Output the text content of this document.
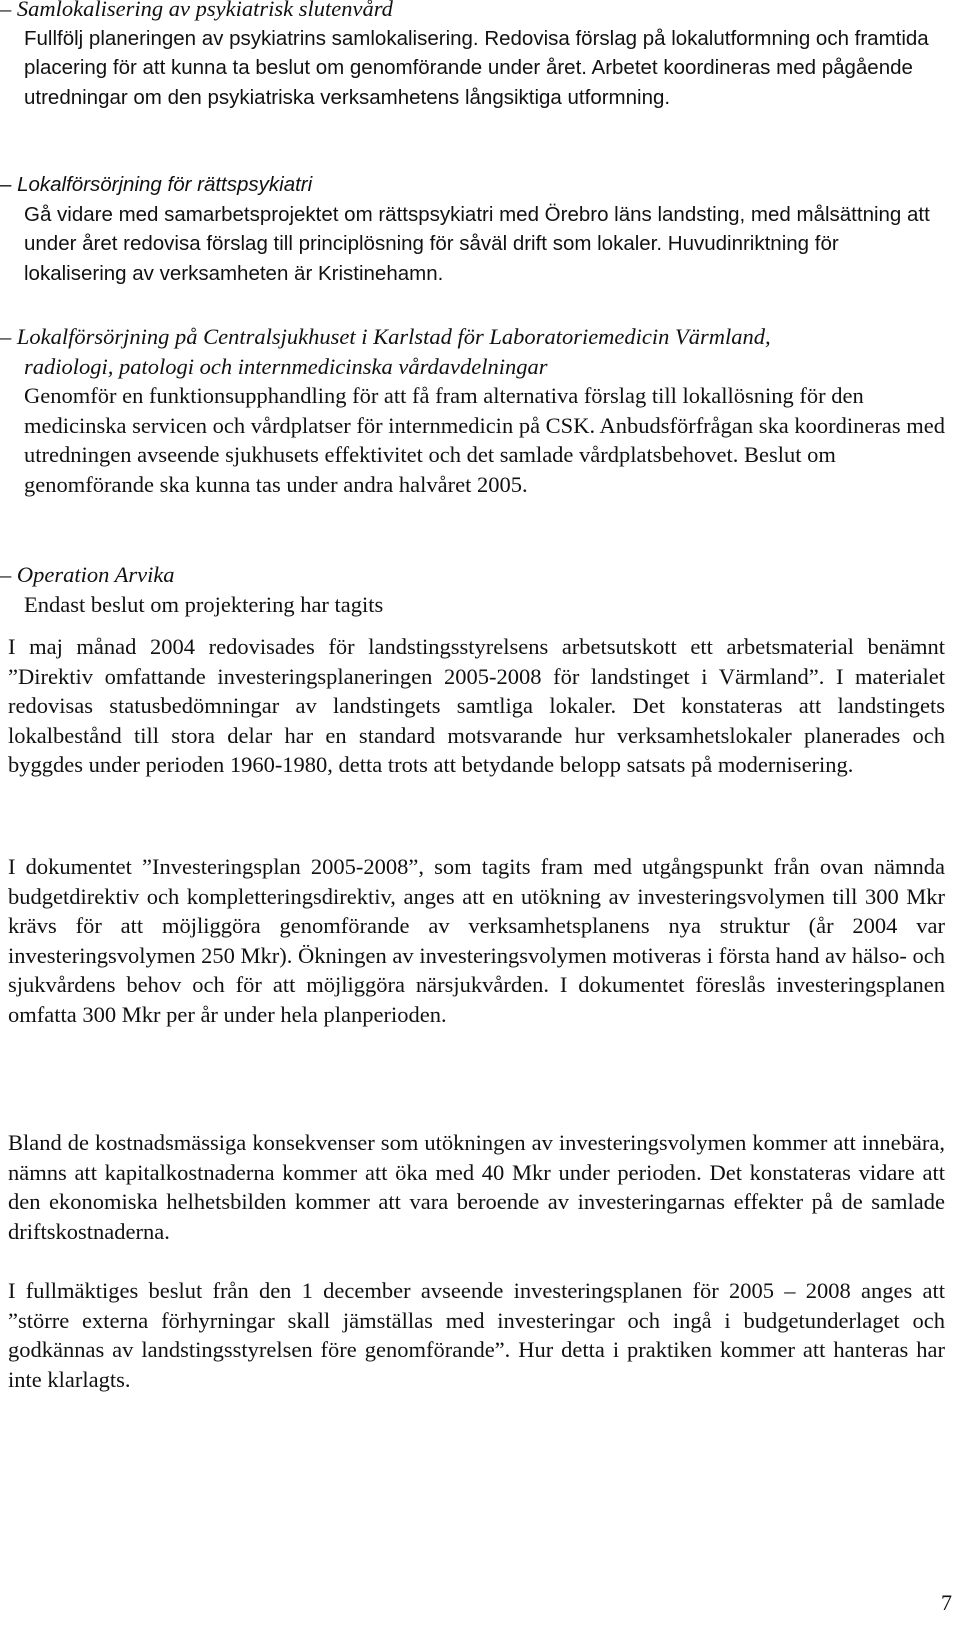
– Samlokalisering av psykiatrisk slutenvård
Fullfölj planeringen av psykiatrins samlokalisering. Redovisa förslag på lokalutformning och framtida placering för att kunna ta beslut om genomförande under året. Arbetet koordineras med pågående utredningar om den psykiatriska verksamhetens långsiktiga utformning.
– Lokalförsörjning för rättspsykiatri
Gå vidare med samarbetsprojektet om rättspsykiatri med Örebro läns landsting, med målsättning att under året redovisa förslag till principlösning för såväl drift som lokaler. Huvudinriktning för lokalisering av verksamheten är Kristinehamn.
– Lokalförsörjning på Centralsjukhuset i Karlstad för Laboratoriemedicin Värmland,
radiologi, patologi och internmedicinska vårdavdelningar
Genomför en funktionsupphandling för att få fram alternativa förslag till lokallösning för den medicinska servicen och vårdplatser för internmedicin på CSK. Anbudsförfrågan ska koordineras med utredningen avseende sjukhusets effektivitet och det samlade vårdplatsbehovet. Beslut om genomförande ska kunna tas under andra halvåret 2005.
– Operation Arvika
Endast beslut om projektering har tagits

I maj månad 2004 redovisades för landstingsstyrelsens arbetsutskott ett arbetsmaterial benämnt ”Direktiv omfattande investeringsplaneringen 2005-2008 för landstinget i Värmland”. I materialet redovisas statusbedömningar av landstingets samtliga lokaler. Det konstateras att landstingets lokalbestånd till stora delar har en standard motsvarande hur verksamhetslokaler planerades och byggdes under perioden 1960-1980, detta trots att betydande belopp satsats på modernisering.

I dokumentet ”Investeringsplan 2005-2008”, som tagits fram med utgångspunkt från ovan nämnda budgetdirektiv och kompletteringsdirektiv, anges att en utökning av investeringsvolymen till 300 Mkr krävs för att möjliggöra genomförande av verksamhetsplanens nya struktur (år 2004 var investeringsvolymen 250 Mkr). Ökningen av investeringsvolymen motiveras i första hand av hälso- och sjukvårdens behov och för att möjliggöra närsjukvården. I dokumentet föreslås investeringsplanen omfatta 300 Mkr per år under hela planperioden.

Bland de kostnadsmässiga konsekvenser som utökningen av investeringsvolymen kommer att innebära, nämns att kapitalkostnaderna kommer att öka med 40 Mkr under perioden. Det konstateras vidare att den ekonomiska helhetsbilden kommer att vara beroende av investeringarnas effekter på de samlade driftskostnaderna.

I fullmäktiges beslut från den 1 december avseende investeringsplanen för 2005 – 2008 anges att ”större externa förhyrningar skall jämställas med investeringar och ingå i budgetunderlaget och godkännas av landstingsstyrelsen före genomförande”. Hur detta i praktiken kommer att hanteras har inte klarlagts.

7
